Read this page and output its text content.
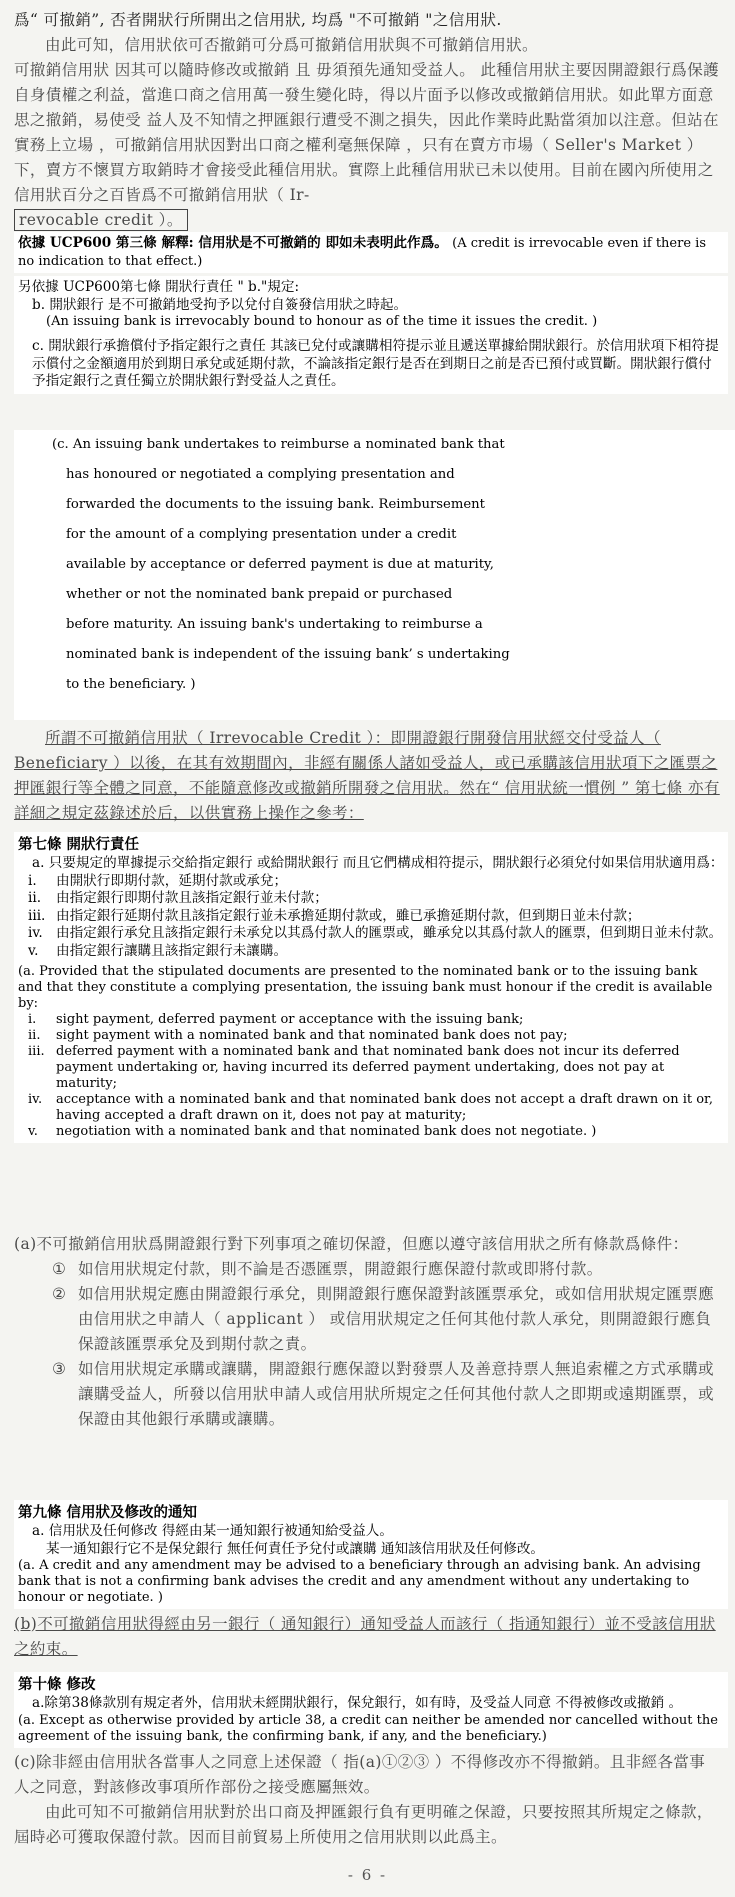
爲“ 可撤銷”, 否者開狀行所開出之信用狀, 均爲 "不可撤銷 "之信用狀.

由此可知，信用狀依可否撤銷可分爲可撤銷信用狀與不可撤銷信用狀。

可撤銷信用狀 因其可以隨時修改或撤銷 且 毋須預先通知受益人。 此種信用狀主要因開證銀行爲保護自身債權之利益，當進口商之信用萬一發生變化時，得以片面予以修改或撤銷信用狀。如此單方面意思之撤銷，易使受 益人及不知情之押匯銀行遭受不測之損失，因此作業時此點當須加以注意。但站在實務上立場 ，可撤銷信用狀因對出口商之權利毫無保障 ，只有在賣方市場（ Seller's Market ）下，賣方不懷買方取銷時才會接受此種信用狀。實際上此種信用狀已未以使用。目前在國內所使用之信用狀百分之百皆爲不可撤銷信用狀（ Ir-

revocable credit ）。

依據 UCP600 第三條 解釋: 信用狀是不可撤銷的 即如未表明此作爲。 (A credit is irrevocable even if there is no indication to that effect.)

另依據 UCP600第七條 開狀行責任 " b."規定:

b. 開狀銀行 是不可撤銷地受拘予以兌付自簽發信用狀之時起。

(An issuing bank is irrevocably bound to honour as of the time it issues the credit. )

c. 開狀銀行承擔償付予指定銀行之責任 其該已兌付或讓購相符提示並且遞送單據給開狀銀行。於信用狀項下相符提示償付之金額適用於到期日承兌或延期付款，不論該指定銀行是否在到期日之前是否已預付或買斷。開狀銀行償付 予指定銀行之責任獨立於開狀銀行對受益人之責任。

(c. An issuing bank undertakes to reimburse a nominated bank that

has honoured or negotiated a complying presentation and

forwarded the documents to the issuing bank. Reimbursement

for the amount of a complying presentation under a credit

available by acceptance or deferred payment is due at maturity,

whether or not the nominated bank prepaid or purchased

before maturity. An issuing bank's undertaking to reimburse a

nominated bank is independent of the issuing bank’ s undertaking

to the beneficiary. )

所謂不可撤銷信用狀（ Irrevocable Credit ）：即開證銀行開發信用狀經交付受益人（ Beneficiary ）以後，在其有效期間內，非經有關係人諸如受益人，或已承購該信用狀項下之匯票之押匯銀行等全體之同意，不能隨意修改或撤銷所開發之信用狀。然在“ 信用狀統一慣例 ” 第七條 亦有詳細之規定茲錄述於后，以供實務上操作之參考：

第七條 開狀行責任

a. 只要規定的單據提示交給指定銀行 或給開狀銀行 而且它們構成相符提示，開狀銀行必須兌付如果信用狀適用爲：

i.	由開狀行即期付款，延期付款或承兌；
ii.	由指定銀行即期付款且該指定銀行並未付款；
iii. 由指定銀行延期付款且該指定銀行並未承擔延期付款或，雖已承擔延期付款，但到期日並未付款；
iv. 由指定銀行承兌且該指定銀行未承兌以其爲付款人的匯票或，雖承兌以其爲付款人的匯票，但到期日並未付款。
v.	由指定銀行讓購且該指定銀行未讓購。

(a. Provided that the stipulated documents are presented to the nominated bank or to the issuing bank and that they constitute a complying presentation, the issuing bank must honour if the credit is available by:

i.	sight payment, deferred payment or acceptance with the issuing bank;
ii.	sight payment with a nominated bank and that nominated bank does not pay;
iii. deferred payment with a nominated bank and that nominated bank does not incur its deferred payment undertaking or, having incurred its deferred payment undertaking, does not pay at maturity;
iv.	acceptance with a nominated bank and that nominated bank does not accept a draft drawn on it or, having accepted a draft drawn on it, does not pay at maturity;
v.	negotiation with a nominated bank and that nominated bank does not negotiate. )

(a)不可撤銷信用狀爲開證銀行對下列事項之確切保證，但應以遵守該信用狀之所有條款爲條件：

① 如信用狀規定付款，則不論是否憑匯票，開證銀行應保證付款或即將付款。
② 如信用狀規定應由開證銀行承兌，則開證銀行應保證對該匯票承兌，或如信用狀規定匯票應由信用狀之申請人（ applicant ） 或信用狀規定之任何其他付款人承兌，則開證銀行應負保證該匯票承兌及到期付款之責。
③ 如信用狀規定承購或讓購，開證銀行應保證以對發票人及善意持票人無追索權之方式承購或讓購受益人，所發以信用狀申請人或信用狀所規定之任何其他付款人之即期或遠期匯票，或保證由其他銀行承購或讓購。

第九條 信用狀及修改的通知

a. 信用狀及任何修改 得經由某一通知銀行被通知給受益人。

某一通知銀行它不是保兌銀行 無任何責任予兌付或讓購 通知該信用狀及任何修改。

(a. A credit and any amendment may be advised to a beneficiary through an advising bank. An advising bank that is not a confirming bank advises the credit and any amendment without any undertaking to honour or negotiate. )

(b)不可撤銷信用狀得經由另一銀行（ 通知銀行）通知受益人而該行（ 指通知銀行）並不受該信用狀之約束。

第十條 修改

a.除第38條款別有規定者外，信用狀未經開狀銀行，保兌銀行，如有時，及受益人同意 不得被修改或撤銷 。

(a. Except as otherwise provided by article 38, a credit can neither be amended nor cancelled without the agreement of the issuing bank, the confirming bank, if any, and the beneficiary.)

(c)除非經由信用狀各當事人之同意上述保證（ 指(a)①②③ ）不得修改亦不得撤銷。且非經各當事人之同意，對該修改事項所作部份之接受應屬無效。

由此可知不可撤銷信用狀對於出口商及押匯銀行負有更明確之保證，只要按照其所規定之條款，屆時必可獲取保證付款。因而目前貿易上所使用之信用狀則以此爲主。

- 6 -
